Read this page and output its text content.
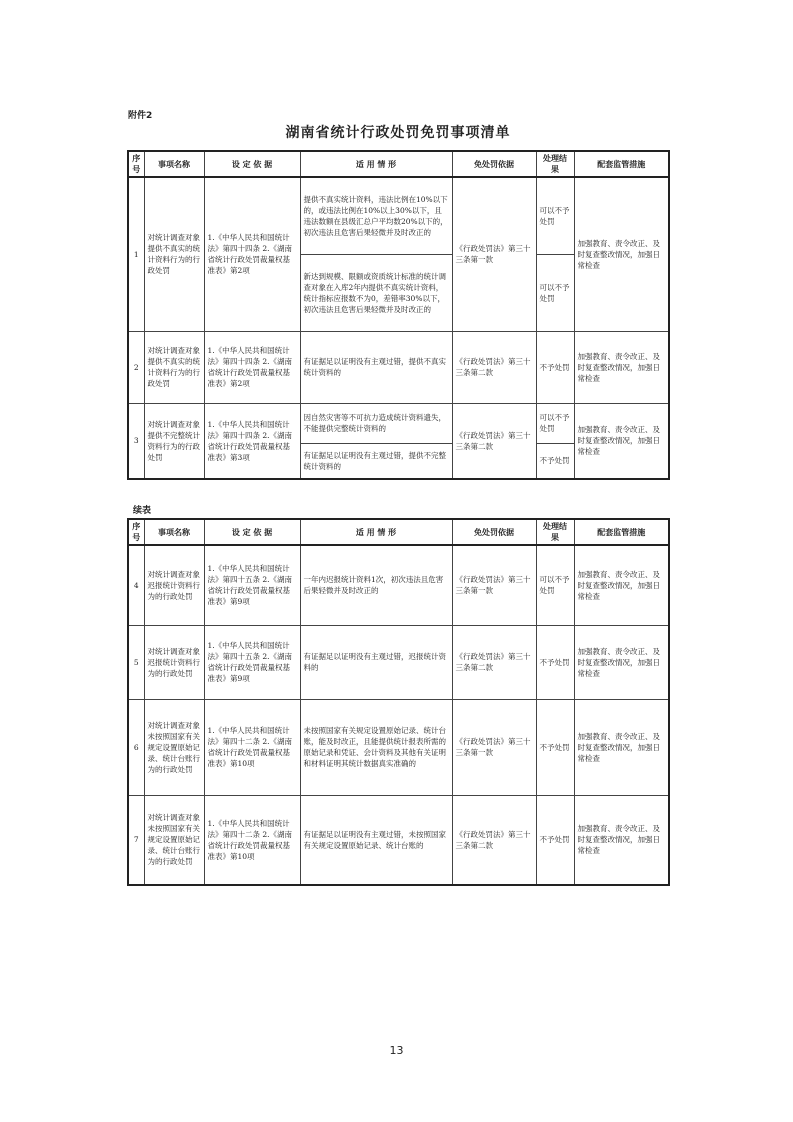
附件2
湖南省统计行政处罚免罚事项清单
序号	事项名称	设 定 依 据	适 用 情 形	免处罚依据	处理结果	配套监管措施
1	对统计调查对象提供不真实的统计资料行为的行政处罚	1.《中华人民共和国统计法》第四十四条 2.《湖南省统计行政处罚裁量权基准表》第2项	提供不真实统计资料，违法比例在10%以下的，或违法比例在10%以上30%以下，且违法数额在县级汇总户平均数20%以下的，初次违法且危害后果轻微并及时改正的	《行政处罚法》第三十三条第一款	可以不予处罚	加强教育、责令改正、及时复查整改情况，加强日常检查
			新达到规模、限额或资质统计标准的统计调查对象在入库2年内提供不真实统计资料，统计指标应报数不为0，差错率30%以下，初次违法且危害后果轻微并及时改正的		可以不予处罚	
2	对统计调查对象提供不真实的统计资料行为的行政处罚	1.《中华人民共和国统计法》第四十四条 2.《湖南省统计行政处罚裁量权基准表》第2项	有证据足以证明没有主观过错，提供不真实统计资料的	《行政处罚法》第三十三条第二款	不予处罚	加强教育、责令改正、及时复查整改情况，加强日常检查
3	对统计调查对象提供不完整统计资料行为的行政处罚	1.《中华人民共和国统计法》第四十四条 2.《湖南省统计行政处罚裁量权基准表》第3项	因自然灾害等不可抗力造成统计资料遗失，不能提供完整统计资料的	《行政处罚法》第三十三条第二款	可以不予处罚	加强教育、责令改正、及时复查整改情况，加强日常检查
			有证据足以证明没有主观过错，提供不完整统计资料的		不予处罚	
续表
序号	事项名称	设 定 依 据	适 用 情 形	免处罚依据	处理结果	配套监管措施
4	对统计调查对象迟报统计资料行为的行政处罚	1.《中华人民共和国统计法》第四十五条 2.《湖南省统计行政处罚裁量权基准表》第9项	一年内迟报统计资料1次，初次违法且危害后果轻微并及时改正的	《行政处罚法》第三十三条第一款	可以不予处罚	加强教育、责令改正、及时复查整改情况，加强日常检查
5	对统计调查对象迟报统计资料行为的行政处罚	1.《中华人民共和国统计法》第四十五条 2.《湖南省统计行政处罚裁量权基准表》第9项	有证据足以证明没有主观过错，迟报统计资料的	《行政处罚法》第三十三条第二款	不予处罚	加强教育、责令改正、及时复查整改情况，加强日常检查
6	对统计调查对象未按照国家有关规定设置原始记录、统计台账行为的行政处罚	1.《中华人民共和国统计法》第四十二条 2.《湖南省统计行政处罚裁量权基准表》第10项	未按照国家有关规定设置原始记录、统计台账，能及时改正，且能提供统计报表所需的原始记录和凭证、会计资料及其他有关证明和材料证明其统计数据真实准确的	《行政处罚法》第三十三条第一款	不予处罚	加强教育、责令改正、及时复查整改情况，加强日常检查
7	对统计调查对象未按照国家有关规定设置原始记录、统计台账行为的行政处罚	1.《中华人民共和国统计法》第四十二条 2.《湖南省统计行政处罚裁量权基准表》第10项	有证据足以证明没有主观过错，未按照国家有关规定设置原始记录、统计台账的	《行政处罚法》第三十三条第二款	不予处罚	加强教育、责令改正、及时复查整改情况，加强日常检查
13
